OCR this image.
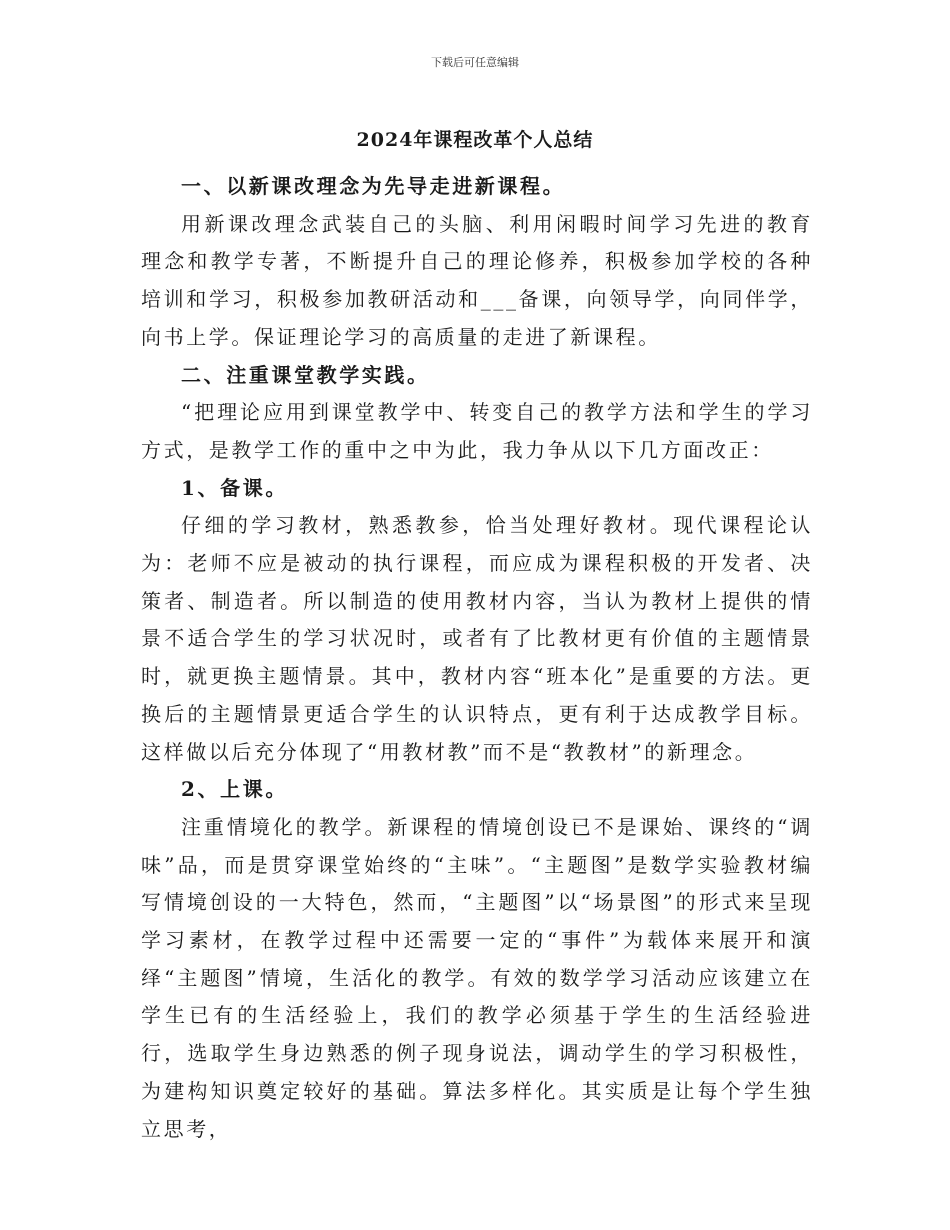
下载后可任意编辑
2024年课程改革个人总结

一、以新课改理念为先导走进新课程。

用新课改理念武装自己的头脑、利用闲暇时间学习先进的教育理念和教学专著，不断提升自己的理论修养，积极参加学校的各种培训和学习，积极参加教研活动和___备课，向领导学，向同伴学，向书上学。保证理论学习的高质量的走进了新课程。

二、注重课堂教学实践。

“把理论应用到课堂教学中、转变自己的教学方法和学生的学习方式，是教学工作的重中之中为此，我力争从以下几方面改正：

1、备课。

仔细的学习教材，熟悉教参，恰当处理好教材。现代课程论认为：老师不应是被动的执行课程，而应成为课程积极的开发者、决策者、制造者。所以制造的使用教材内容，当认为教材上提供的情景不适合学生的学习状况时，或者有了比教材更有价值的主题情景时，就更换主题情景。其中，教材内容“班本化”是重要的方法。更换后的主题情景更适合学生的认识特点，更有利于达成教学目标。这样做以后充分体现了“用教材教”而不是“教教材”的新理念。

2、上课。

注重情境化的教学。新课程的情境创设已不是课始、课终的“调味”品，而是贯穿课堂始终的“主味”。“主题图”是数学实验教材编写情境创设的一大特色，然而，“主题图”以“场景图”的形式来呈现学习素材，在教学过程中还需要一定的“事件”为载体来展开和演绎“主题图”情境，生活化的教学。有效的数学学习活动应该建立在学生已有的生活经验上，我们的教学必须基于学生的生活经验进行，选取学生身边熟悉的例子现身说法，调动学生的学习积极性，为建构知识奠定较好的基础。算法多样化。其实质是让每个学生独立思考，
